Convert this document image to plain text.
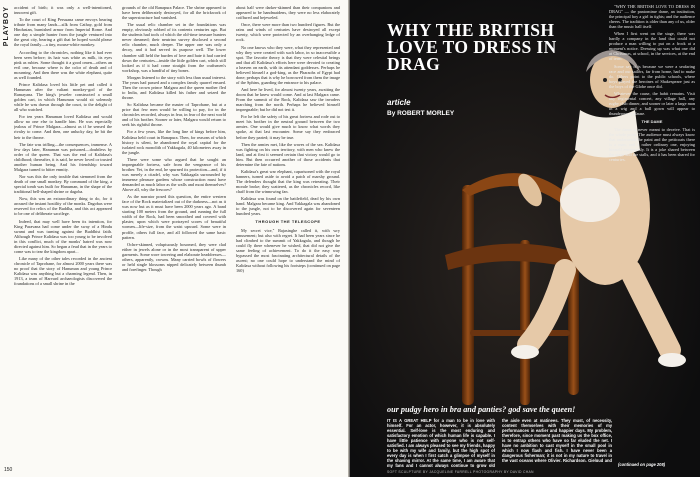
PLAYBOY accident of birth; it was only a well-intentioned, innocent gift.

To the court of King Persuana came envoys bearing tribute from many lands—silk from Cathay, gold from Hindustan, burnished armor from Imperial Rome. And one day a simple hunter from the jungle ventured into the great city, bearing a gift that he hoped would please the royal family—a tiny, mouse-white monkey.

According to the chronicles, nothing like it had ever been seen before; its hair was white as milk, its eyes pink as rubies. Some thought it a good omen—others an evil one, because where is the color of death and of mourning. And then there was the white elephant, quite as well founded.

Prince Kalidasa loved his little pet and called it Hanuman after the valiant monkey-god of the Ramayana. The king's jeweler constructed a small golden cart, in which Hanuman would sit solemnly while he was drawn through the court, to the delight of all who watched.

For ten years Hanuman loved Kalidasa and would allow no one else to handle him. He was especially jealous of Prince Malgara—almost as if he sensed the rivalry to come. And then, one unlucky day, he bit the heir to the throne.

The fate was trifling—the consequences, immense. A few days later, Hanuman was poisoned—doubtless by order of the queen. That was the end of Kalidasa's childhood; thereafter, it is said, he never loved or trusted another human being. And his friendship toward Malgara turned to bitter enmity.

Nor was this the only trouble that stemmed from the death of one small monkey. By command of the king, a special tomb was built for Hanuman, in the shape of the traditional bell-shaped shrine or dagoba.

Now, this was an extraordinary thing to do, for it aroused the instant hostility of the monks. Dagobas were reserved for relics of the Buddha, and this act appeared to be one of deliberate sacrilege.

Indeed, that may well have been its intention, for King Paravana had come under the sway of a Hindu swami and was turning against the Buddhist faith. Although Prince Kalidasa was too young to be involved in this conflict, much of the monks' hatred was now directed against him. So began a feud that in the years to come was to tear the kingdom apart...

Like many of the other tales recorded in the ancient chronicle of Taprobane, for almost 2000 years there was no proof that the story of Hanuman and young Prince Kalidasa was anything but a charming legend. Then, in 1913, a team of Harvard archaeologists discovered the foundations of a small shrine in the

grounds of the old Ranapura Palace. The shrine appeared to have been deliberately destroyed, for all the brickwork of the superstructure had vanished.

The usual relic chamber set in the foundations was empty, obviously robbed of its contents centuries ago. But the students had tools of which the old-time treasure hunters never dreamed; their neutrino survey disclosed a second relic chamber, much deeper. The upper one was only a decoy, and it had served its purpose well. The lower chamber still held the burden of love and hate it had carried down the centuries—inside the little golden cart, which still looked as if it had come straight from the craftsmen's workshop, was a handful of tiny bones.

Morgan listened to the story with less than usual interest. The years had passed and a complex family quarrel ensued. Then the crown prince Malgara and the queen mother fled to India, and Kalidasa killed his father and seized the throne.

So Kalidasa became the master of Taprobane, but at a price that few men would be willing to pay, for in the chronicles recorded, always in fear, in fear of the next world and of his brother. Sooner or later, Malgara would return to seek his rightful throne.

For a few years, like the long line of kings before him, Kalidasa held court in Ranapura. Then, for reasons of which history is silent, he abandoned the royal capital for the isolated rock monolith of Yakkagala, 40 kilometers away in the jungle.

There were some who argued that he sought an impregnable fortress, safe from the vengeance of his brother. Yet, in the end, he spurned its protection—and, if it was merely a citadel, why was Yakkagala surrounded by immense pleasure gardens whose construction must have demanded as much labor as the walls and moat themselves? Above all, why the frescoes?

As the narrator posed this question, the entire western face of the Rock materialized out of the darkness—not as it was now but as it must have been 2000 years ago. A band starting 100 meters from the ground, and running the full width of the Rock, had been smoothed and covered with plaster, upon which were portrayed scores of beautiful women—life-size, from the waist upward. Some were in profile, others full face, and all followed the same basic pattern.

Ochre-skinned, voluptuously bosomed, they were clad either in jewels alone or in the most transparent of upper garments. Some wore towering and elaborate headdresses—others, apparently, crowns. Many carried bowls of flowers or held single blossoms nipped delicately between thumb and forefinger. Though

about half were darker-skinned than their companions and appeared to be handmaidens, they were no less elaborately coiffured and bejeweled.

Once, there were more than two hundred figures. But the rains and winds of centuries have destroyed all except twenty, which were protected by an overhanging ledge of rock.

No one knows who they were, what they represented and why they were created with such labor, in so inaccessible a spot. The favorite theory is that they were celestial beings and that all Kalidasa's efforts here were devoted to creating a heaven on earth, with its attendant goddesses. Perhaps he believed himself a god-king, as the Pharaohs of Egypt had done; perhaps that is why he borrowed from them the image of the Sphinx, guarding the entrance to his palace.

And here he lived, for almost twenty years, awaiting the doom that he knew would come. And at last Malgara came. From the summit of the Rock, Kalidasa saw the invaders marching from the north. Perhaps he believed himself impregnable; but he did not test it.

For he left the safety of his great fortress and rode out to meet his brother in the neutral ground between the two armies. One would give much to know what words they spoke, at that last encounter. Some say they embraced before they parted; it may be true.

Then the armies met, like the waves of the sea. Kalidasa was fighting on his own territory, with men who knew the land, and at first it seemed certain that victory would go to him. But then occurred another of those accidents that determine the fate of nations.

Kalidasa's great war elephant, caparisoned with the royal banners, turned aside to avoid a patch of marshy ground. The defenders thought that the king was retreating. Their morale broke; they scattered, as the chronicles record, like chaff from the winnowing fan.

Kalidasa was found on the battlefield, dead by his own hand. Malgara became king. And Yakkagala was abandoned to the jungle, not to be discovered again for seventeen hundred years.

THROUGH THE TELESCOPE

My secret vice," Rajasinghe called it, with wry amusement; but also with regret. It had been years since he had climbed to the summit of Yakkagala, and though he could fly there whenever he wished, that did not give the same feeling of achievement. To do it the easy way bypassed the most fascinating architectural details of the ascent; no one could hope to understand the mind of Kalidasa without following his footsteps (continued on page 160)

150
WHY THE BRITISH LOVE TO DRESS IN DRAG
article
By ROBERT MORLEY

"WHY THE BRITISH LOVE TO DRESS IN DRAG" — the pantomime dame, an institution, the principal boy a girl in tights; and the audience cheers. The tradition is older than any of us, older than the music hall itself.

When I first went on the stage, there was hardly a company in the land that could not produce a man willing to put on a frock at a moment's notice. Dressing up was what one did at Christmas, at school, in the services, at the end of term.

Some say it is because we were a seafaring race and our sailors, far from home, had to make do. Others point to the public schools, where boys played the heroines of Shakespeare just as the boys of the Globe once did.

Whatever the cause, the habit remains. Visit any regimental concert, any village hall, any rugby club dinner, and sooner or later a large man in a wig and a ball gown will appear to thunderous applause.

THE DAME

The dame is never meant to deceive. That is the whole point. The audience must always know that underneath the paint and the petticoats there is a man, and a rather ordinary one, enjoying himself enormously. It is a joke shared between the stage and the stalls, and it has been shared for centuries.

our pudgy hero in bra and panties? god save the queen!
IT IS A GREAT HELP for a man to be in love with himself. For an actor, however, it is absolutely essential. Self-love is the most enduring and satisfactory emotion of which human life is capable. I have little patience with anyone who is not self-satisfied. I am always pleased to see my friends, happy to be with my wife and family, but the high spot of every day is when I first catch a glimpse of myself in the shaving mirror. At the same time, I am aware that my fans and I cannot always continue to grow old
the aisle even at matinees. They must, of necessity, content themselves with their memories of my performances in earlier and happier days. My problem, therefore, since moment past making us the box office, is to entrap others who have so far eluded the net. I have no ambition to cast myself in the small pool in which I now flash and fish. I have never been a dangerous fisherman; it is not in my nature to travel in the vast oceans where Olivier, Richardson, Gielgud and
(continued on page 208)
SOFT SCULPTURE BY JACQUELINE FARRELL PHOTOGRAPHY BY DAVID CHAN
